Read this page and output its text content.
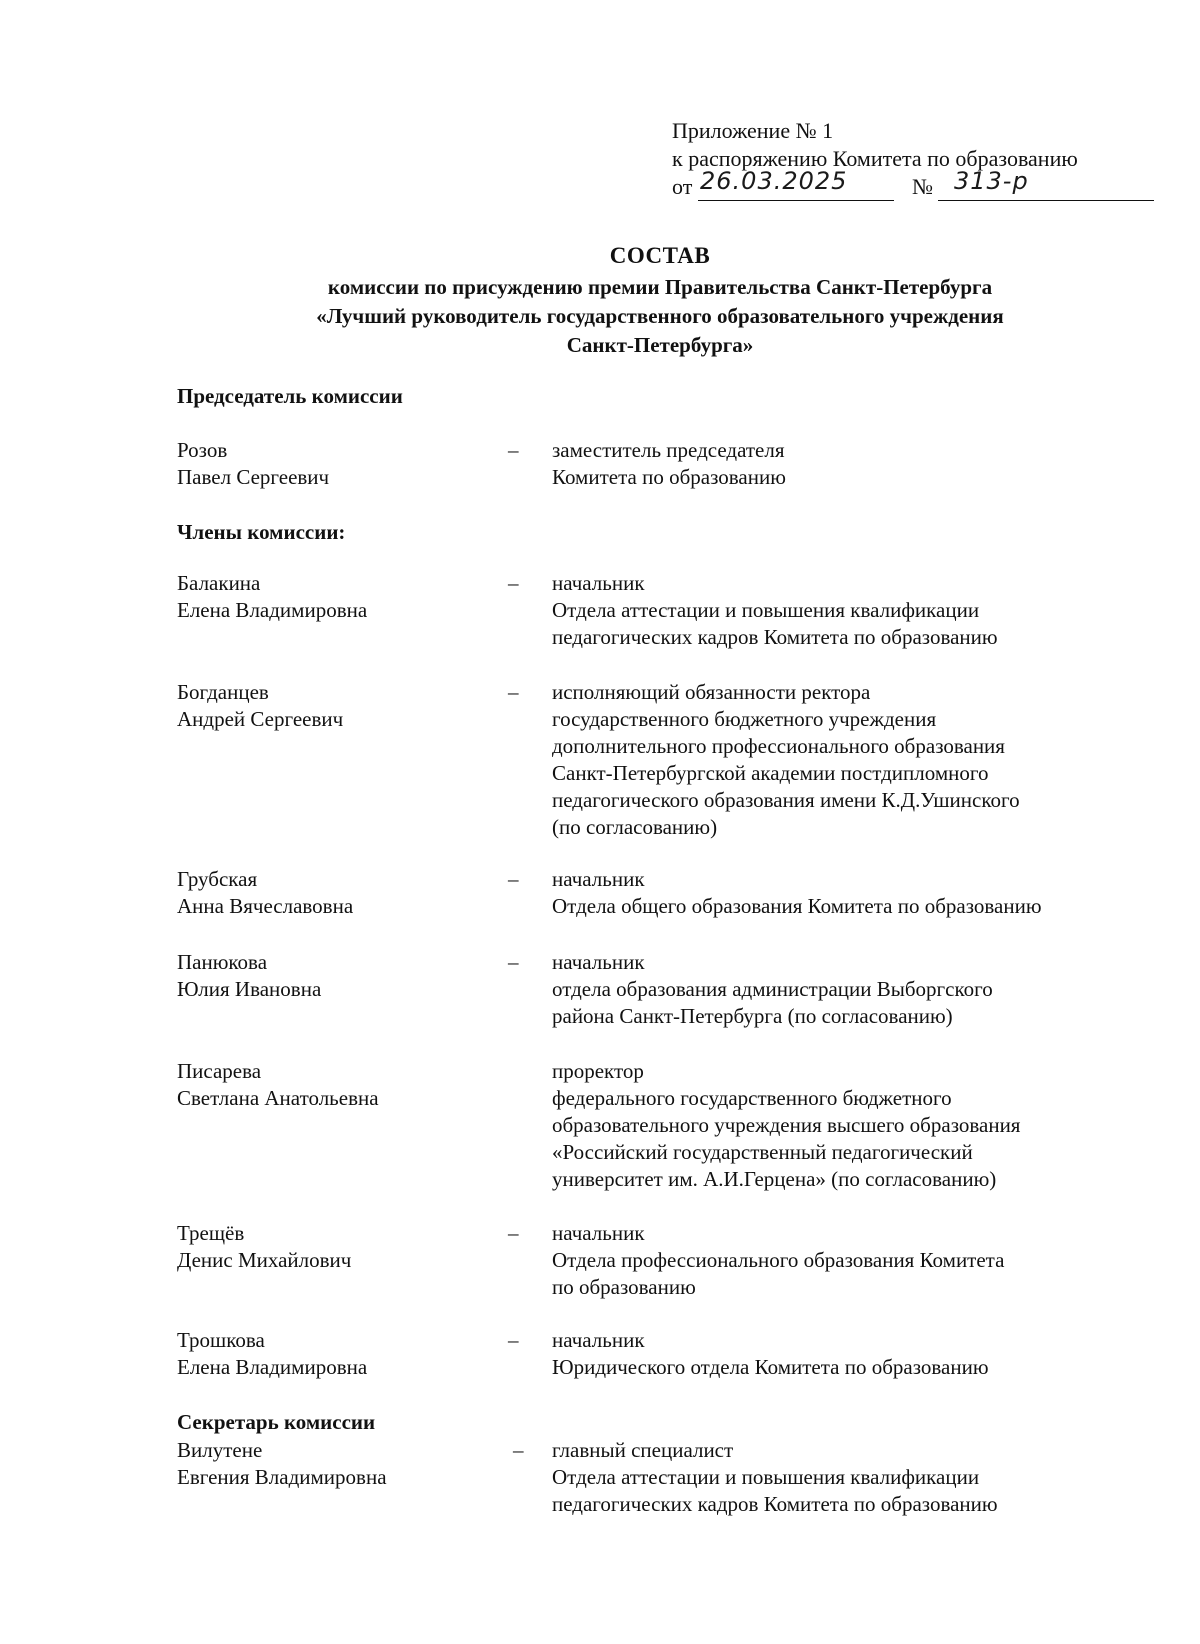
Приложение № 1
к распоряжению Комитета по образованию
от 26.03.2025	№ 313-р
СОСТАВ
комиссии по присуждению премии Правительства Санкт-Петербурга
«Лучший руководитель государственного образовательного учреждения
Санкт-Петербурга»
Председатель комиссии
Розов
Павел Сергеевич
– заместитель председателя
Комитета по образованию
Члены комиссии:
Балакина
Елена Владимировна
– начальник
Отдела аттестации и повышения квалификации
педагогических кадров Комитета по образованию
Богданцев
Андрей Сергеевич
– исполняющий обязанности ректора
государственного бюджетного учреждения
дополнительного профессионального образования
Санкт-Петербургской академии постдипломного
педагогического образования имени К.Д.Ушинского
(по согласованию)
Грубская
Анна Вячеславовна
– начальник
Отдела общего образования Комитета по образованию
Панюкова
Юлия Ивановна
– начальник
отдела образования администрации Выборгского
района Санкт-Петербурга (по согласованию)
Писарева
Светлана Анатольевна
проректор
федерального государственного бюджетного
образовательного учреждения высшего образования
«Российский государственный педагогический
университет им. А.И.Герцена» (по согласованию)
Трещёв
Денис Михайлович
– начальник
Отдела профессионального образования Комитета
по образованию
Трошкова
Елена Владимировна
– начальник
Юридического отдела Комитета по образованию
Секретарь комиссии
Вилутене
Евгения Владимировна
– главный специалист
Отдела аттестации и повышения квалификации
педагогических кадров Комитета по образованию
